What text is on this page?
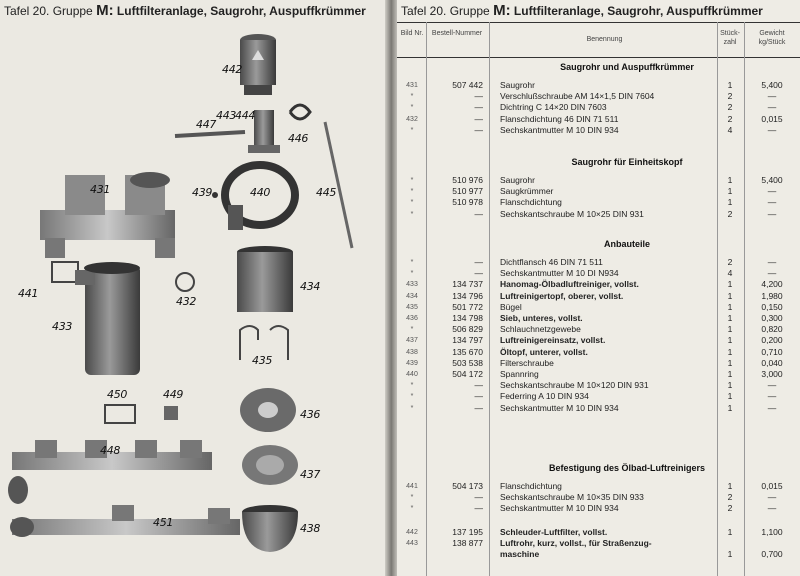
Tafel 20. Gruppe M: Luftfilteranlage, Saugrohr, Auspuffkrümmer
442
447
443
444
446
431	439	440	445
441
432
434
433
435
450	449
436
448
437
451	438
Tafel 20. Gruppe M: Luftfilteranlage, Saugrohr, Auspuffkrümmer
Bild Nr.	Bestell-Nummer
Benennung
Stück-zahl
Gewicht kg/Stück
Saugrohr und Auspuffkrümmer
431	507 442 Saugrohr	1	5,400
*	— Verschlußschraube AM 14×1,5 DIN 7604	2	—
*	— Dichtring C 14×20 DIN 7603	2	—
432	— Flanschdichtung 46 DIN 71 511	2	0,015
*	— Sechskantmutter M 10 DIN 934	4	—
Saugrohr für Einheitskopf
*	510 976 Saugrohr	1	5,400
*	510 977 Saugkrümmer	1	—
*	510 978 Flanschdichtung	1	—
*	— Sechskantschraube M 10×25 DIN 931	2	—
Anbauteile
*	— Dichtflansch 46 DIN 71 511	2	—
*	— Sechskantmutter M 10 DI N934	4	—
433	134 737 Hanomag-Ölbadluftreiniger, vollst.	1	4,200
434	134 796 Luftreinigertopf, oberer, vollst.	1	1,980
435	501 772 Bügel	1	0,150
436	134 798 Sieb, unteres, vollst.	1	0,300
*	506 829 Schlauchnetzgewebe	1	0,820
437	134 797 Luftreinigereinsatz, vollst.	1	0,200
438	135 670 Öltopf, unterer, vollst.	1	0,710
439	503 538 Filterschraube	1	0,040
440	504 172 Spannring	1	3,000
*	— Sechskantschraube M 10×120 DIN 931	1	—
*	— Federring A 10 DIN 934	1	—
*	— Sechskantmutter M 10 DIN 934	1	—
Befestigung des Ölbad-Luftreinigers
441	504 173 Flanschdichtung	1	0,015
*	— Sechskantschraube M 10×35 DIN 933	2	—
*	— Sechskantmutter M 10 DIN 934	2	—
442	137 195 Schleuder-Luftfilter, vollst.	1	1,100
443	138 877 Luftrohr, kurz, vollst., für Straßenzug-
maschine	1	0,700
